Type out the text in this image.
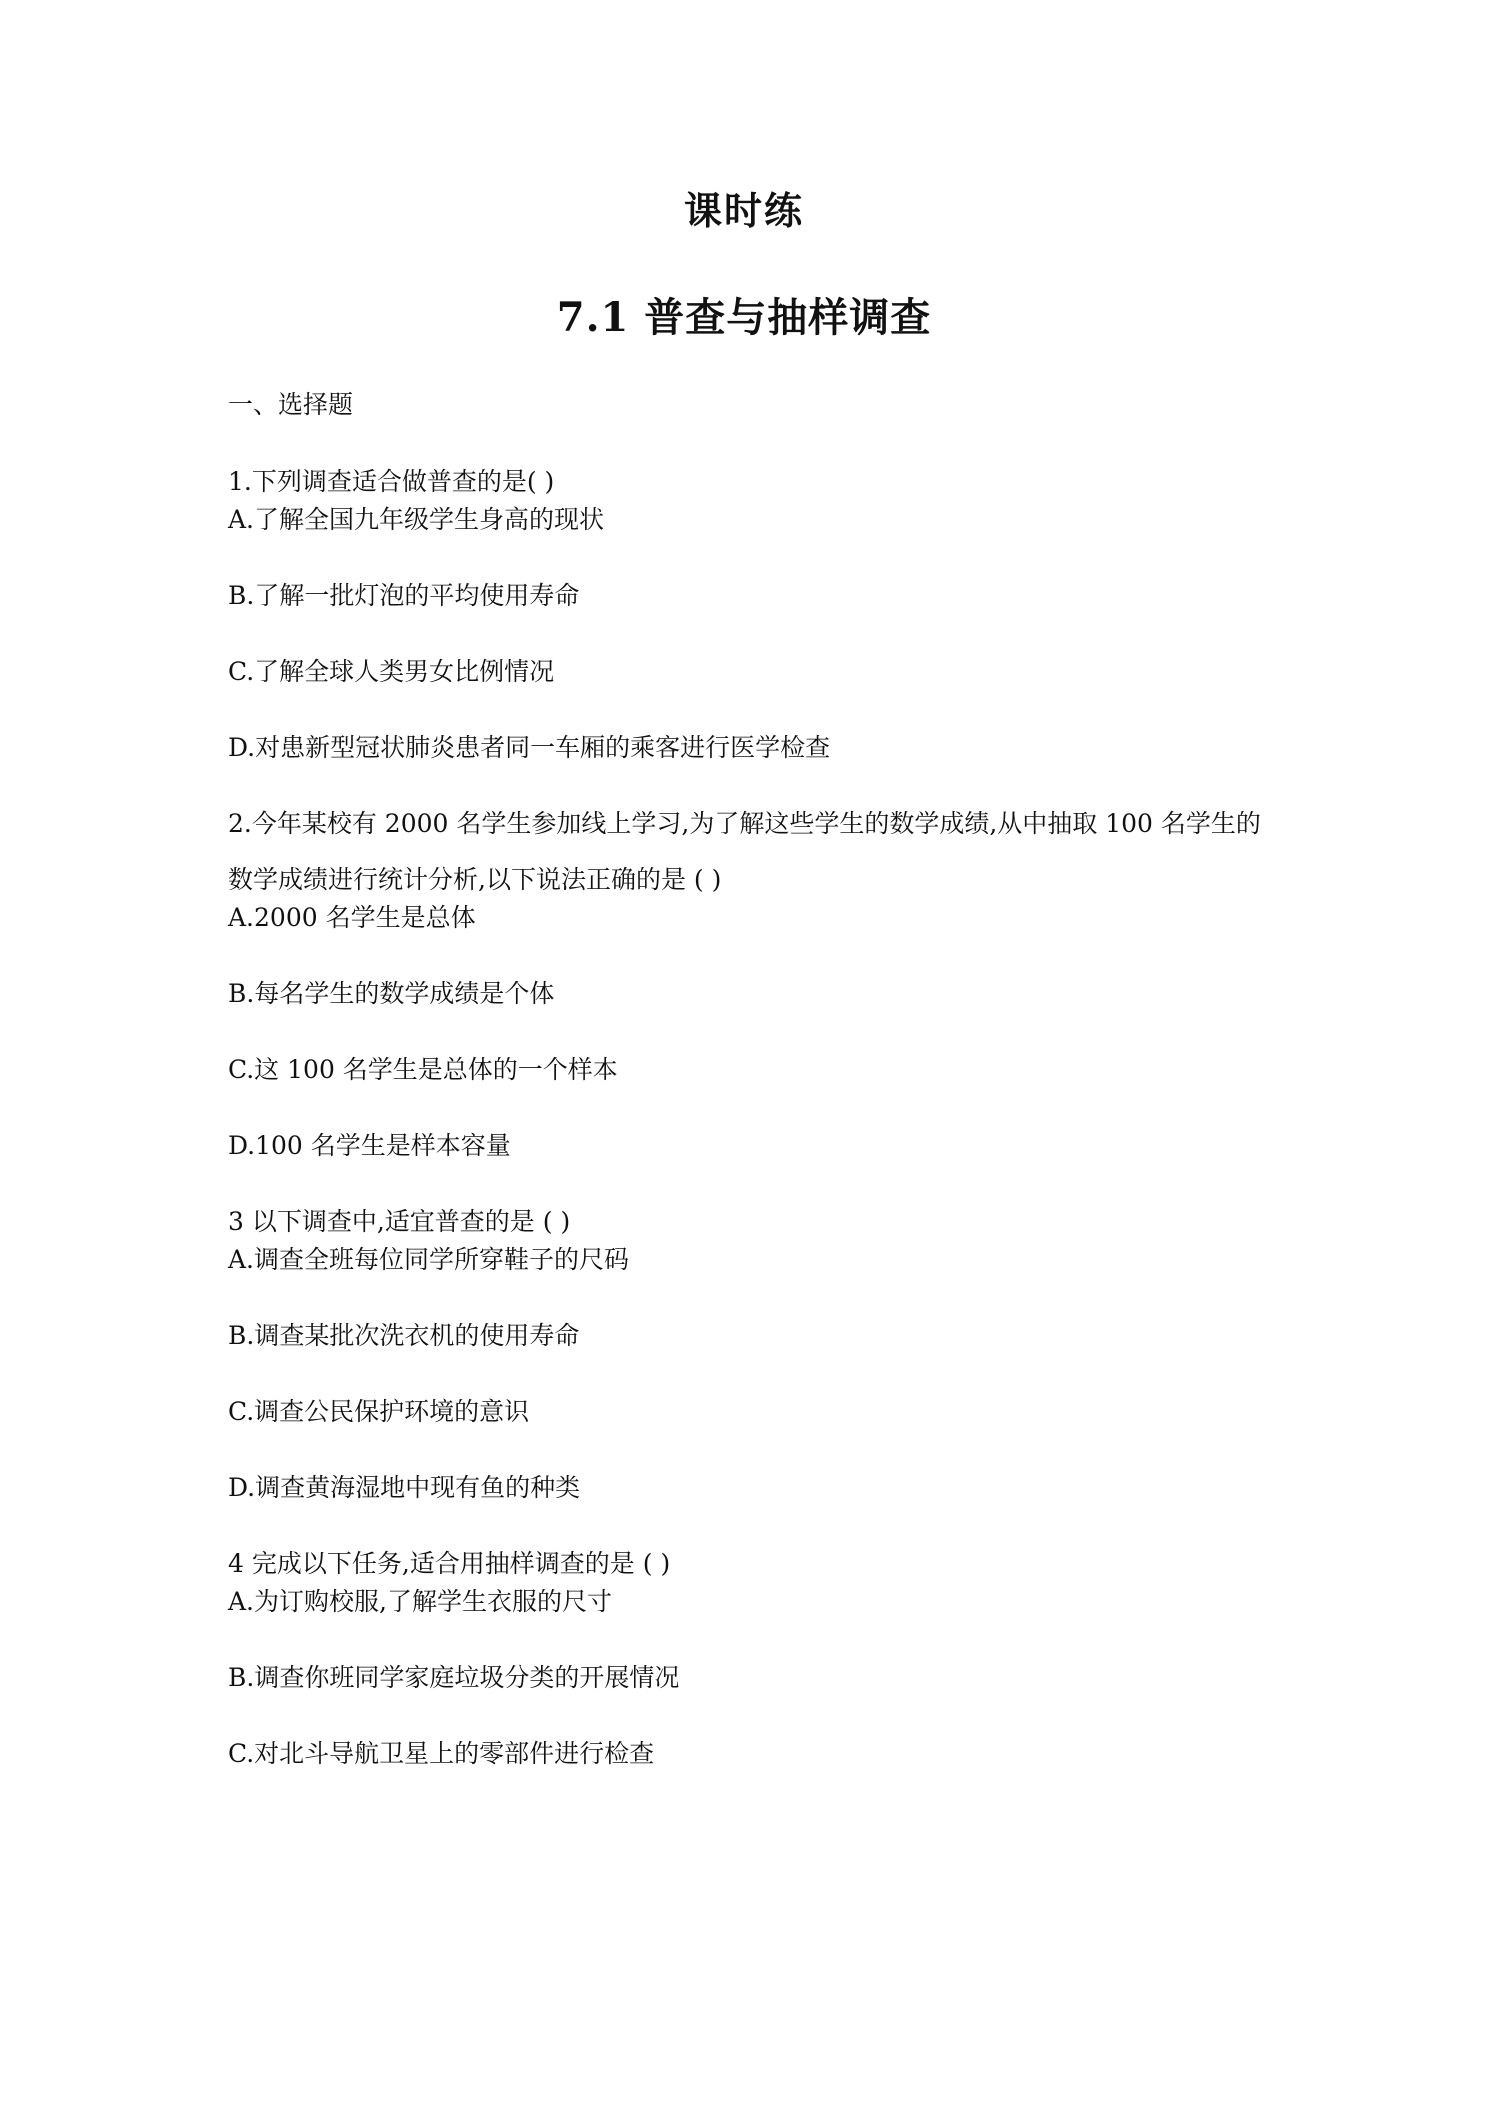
课时练
7.1 普查与抽样调查

一、选择题

1.下列调查适合做普查的是( )

A.了解全国九年级学生身高的现状

B.了解一批灯泡的平均使用寿命

C.了解全球人类男女比例情况

D.对患新型冠状肺炎患者同一车厢的乘客进行医学检查

2.今年某校有 2000 名学生参加线上学习,为了解这些学生的数学成绩,从中抽取 100 名学生的

数学成绩进行统计分析,以下说法正确的是 ( )

A.2000 名学生是总体

B.每名学生的数学成绩是个体

C.这 100 名学生是总体的一个样本

D.100 名学生是样本容量

3 以下调查中,适宜普查的是 ( )

A.调查全班每位同学所穿鞋子的尺码

B.调查某批次洗衣机的使用寿命

C.调查公民保护环境的意识

D.调查黄海湿地中现有鱼的种类

4 完成以下任务,适合用抽样调查的是 ( )

A.为订购校服,了解学生衣服的尺寸

B.调查你班同学家庭垃圾分类的开展情况

C.对北斗导航卫星上的零部件进行检查
